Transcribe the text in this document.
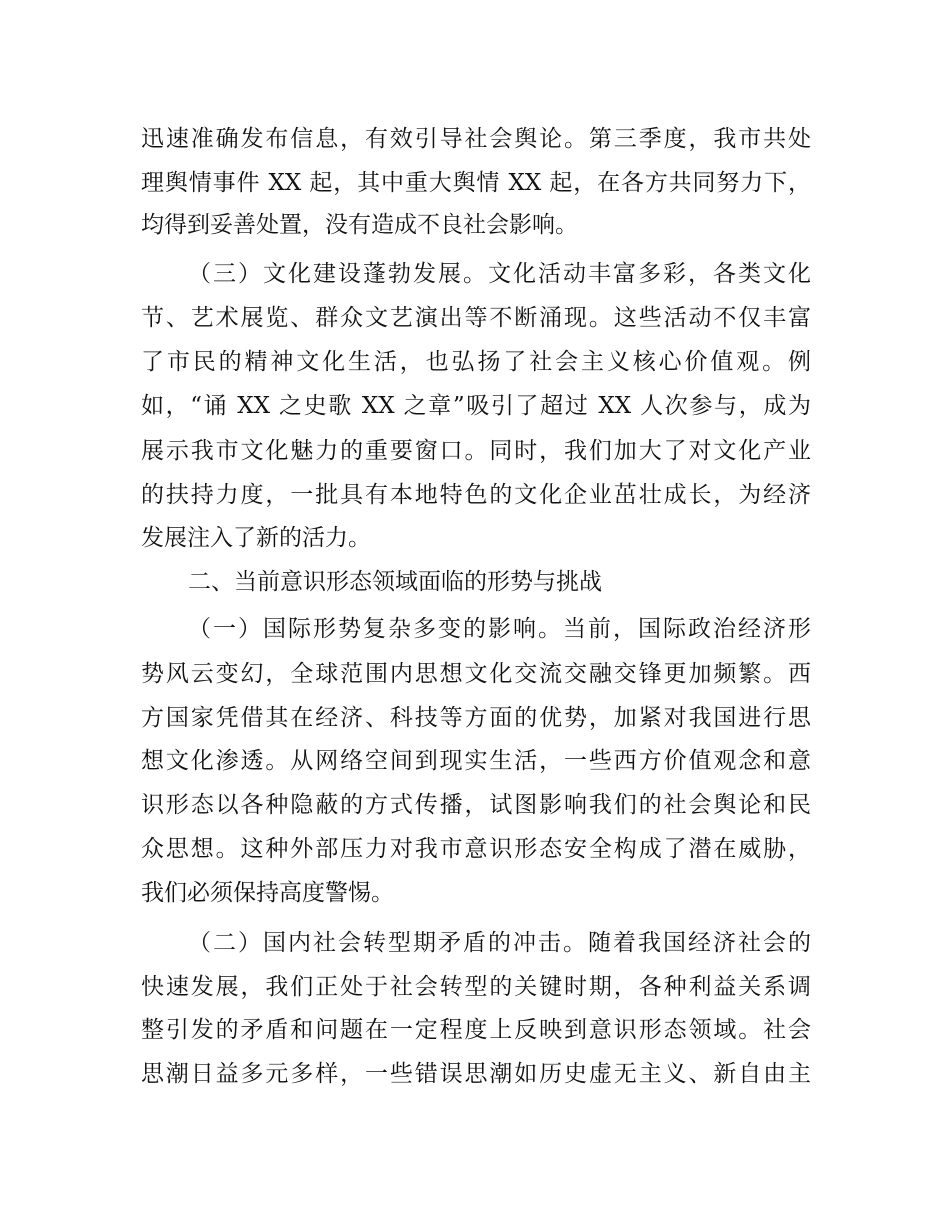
迅速准确发布信息，有效引导社会舆论。第三季度，我市共处
理舆情事件 XX 起，其中重大舆情 XX 起，在各方共同努力下，
均得到妥善处置，没有造成不良社会影响。
（三）文化建设蓬勃发展。文化活动丰富多彩，各类文化
节、艺术展览、群众文艺演出等不断涌现。这些活动不仅丰富
了市民的精神文化生活，也弘扬了社会主义核心价值观。例
如，“诵 XX 之史歌 XX 之章”吸引了超过 XX 人次参与，成为
展示我市文化魅力的重要窗口。同时，我们加大了对文化产业
的扶持力度，一批具有本地特色的文化企业茁壮成长，为经济
发展注入了新的活力。
二、当前意识形态领域面临的形势与挑战
（一）国际形势复杂多变的影响。当前，国际政治经济形
势风云变幻，全球范围内思想文化交流交融交锋更加频繁。西
方国家凭借其在经济、科技等方面的优势，加紧对我国进行思
想文化渗透。从网络空间到现实生活，一些西方价值观念和意
识形态以各种隐蔽的方式传播，试图影响我们的社会舆论和民
众思想。这种外部压力对我市意识形态安全构成了潜在威胁，
我们必须保持高度警惕。
（二）国内社会转型期矛盾的冲击。随着我国经济社会的
快速发展，我们正处于社会转型的关键时期，各种利益关系调
整引发的矛盾和问题在一定程度上反映到意识形态领域。社会
思潮日益多元多样，一些错误思潮如历史虚无主义、新自由主
